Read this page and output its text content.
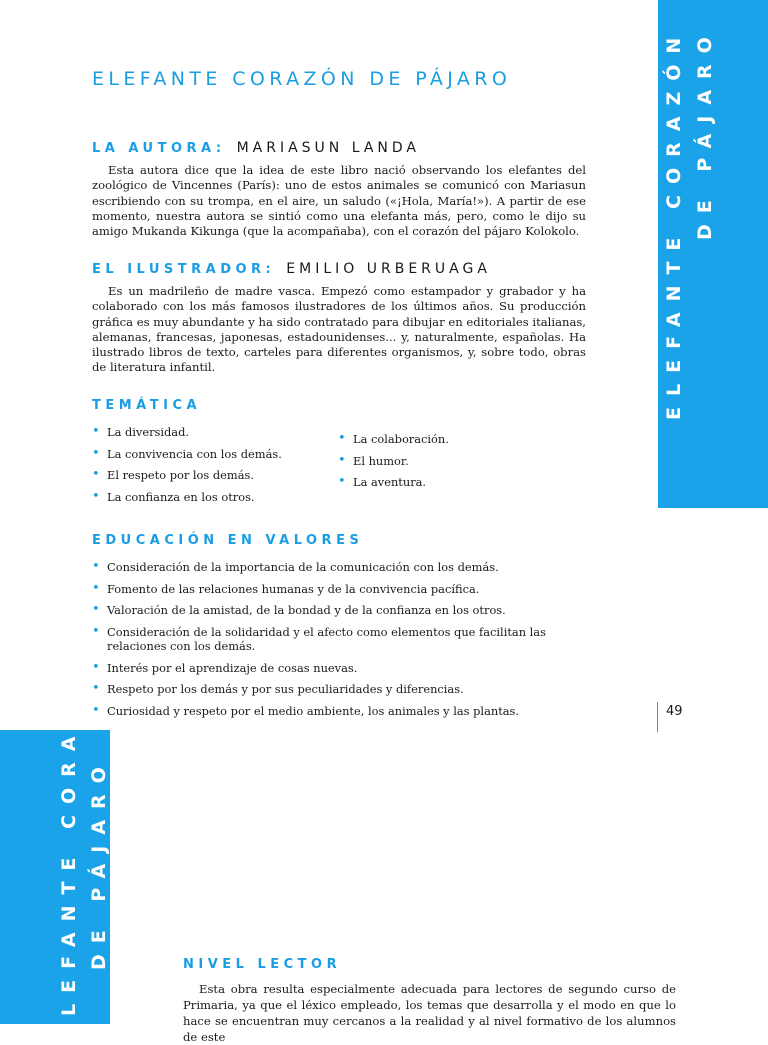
ELEFANTE CORAZÓN DE PÁJARO
ELEFANTE CORAZÓN DE PÁJARO
ELEFANTE CORAZÓN DE PÁJARO
LA AUTORA: MARIASUN LANDA

Esta autora dice que la idea de este libro nació observando los elefantes del zoológico de Vincennes (París): uno de estos animales se comunicó con Mariasun escribiendo con su trompa, en el aire, un saludo («¡Hola, María!»). A partir de ese momento, nuestra autora se sintió como una elefanta más, pero, como le dijo su amigo Mukanda Kikunga (que la acompañaba), con el corazón del pájaro Kolokolo.

EL ILUSTRADOR: EMILIO URBERUAGA

Es un madrileño de madre vasca. Empezó como estampador y grabador y ha colaborado con los más famosos ilustradores de los últimos años. Su producción gráfica es muy abundante y ha sido contratado para dibujar en editoriales italianas, alemanas, francesas, japonesas, estadounidenses... y, naturalmente, españolas. Ha ilustrado libros de texto, carteles para diferentes organismos, y, sobre todo, obras de literatura infantil.

TEMÁTICA
• La diversidad.
• La convivencia con los demás.
• El respeto por los demás.
• La confianza en los otros.
• La colaboración.
• El humor.
• La aventura.
EDUCACIÓN EN VALORES
• Consideración de la importancia de la comunicación con los demás.
• Fomento de las relaciones humanas y de la convivencia pacífica.
• Valoración de la amistad, de la bondad y de la confianza en los otros.
• Consideración de la solidaridad y el afecto como elementos que facilitan las relaciones con los demás.
• Interés por el aprendizaje de cosas nuevas.
• Respeto por los demás y por sus peculiaridades y diferencias.
• Curiosidad y respeto por el medio ambiente, los animales y las plantas.	49
NIVEL LECTOR

Esta obra resulta especialmente adecuada para lectores de segundo curso de Primaria, ya que el léxico empleado, los temas que desarrolla y el modo en que lo hace se encuentran muy cercanos a la realidad y al nivel formativo de los alumnos de este
